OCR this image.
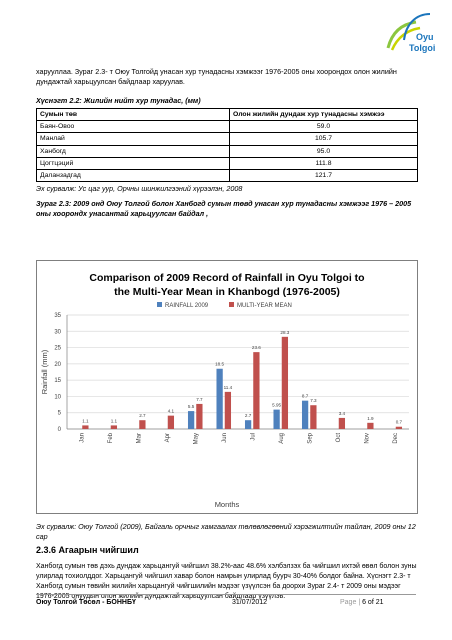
Oyu
Tolgoi

харууллаа. Зураг 2.3- т Оюу Толгойд унасан хур тунадасны хэмжээг 1976-2005 оны хоорондох олон жилийн дундажтай харьцуулсан байдлаар харуулав.

Хүснэгт 2.2: Жилийн нийт хур тунадас, (мм)

Сумын төв	Олон жилийн дундаж хур тунадасны хэмжээ
Баян-Овоо	59.0
Манлай	105.7
Ханбогд	95.0
Цогтцэций	111.8
Даланзадгад	121.7

Эх сурвалж: Ус цаг уур, Орчны шинжилгээний хүрээлэн, 2008

Зураг 2.3: 2009 онд Оюу Толгой болон Ханбогд сумын төвд унасан хур тунадасны хэмжээг 1976 – 2005 оны хоорондх унасантай харьцуулсан байдал ,

Comparison of 2009 Record of Rainfall in Oyu Tolgoi to
the Multi-Year Mean in Khanbogd (1976-2005)
RAINFALL 2009	MULTI-YEAR MEAN
0
5
10
15
20
25
30
35
Rainfall (mm)
Jan	Feb	Mar	Apr	May	Jun	Jul	Aug	Sep	Oct	Nov	Dec
1.1	1.1
2.7
4.1
5.5
7.7
18.5
11.4
2.7
23.6
5.95
28.3
8.7
7.3
3.4
1.9
0.7
Months

Эх сурвалж: Оюу Толгой (2009), Байгаль орчныг хамгаалах төлөвлөгөөний хэрэгжилтийн тайлан, 2009 оны 12 сар

2.3.6 Агаарын чийгшил

Ханбогд сумын төв дэхь дундаж харьцангуй чийгшил 38.2%-аас 48.6% хэлбэлзэх ба чийгшил ихтэй өвөл болон зуны улирлад тохиолддог. Харьцангуй чийгшил хавар болон намрын улирлад буурч 30-40% болдог байна. Хүснэгт 2.3- т Ханбогд сумын төвийн жилийн харьцангуй чийгшилийн мэдээг үзүүлсэн ба доорхи Зураг 2.4- т 2009 оны мэдээг 1976-2005 онуудын олон жилийн дундажтай харьцуулсан байдлаар үзүүлэв.

Оюу Толгой Төсөл - БОННБҮ	31/07/2012	Page | 6 of 21
